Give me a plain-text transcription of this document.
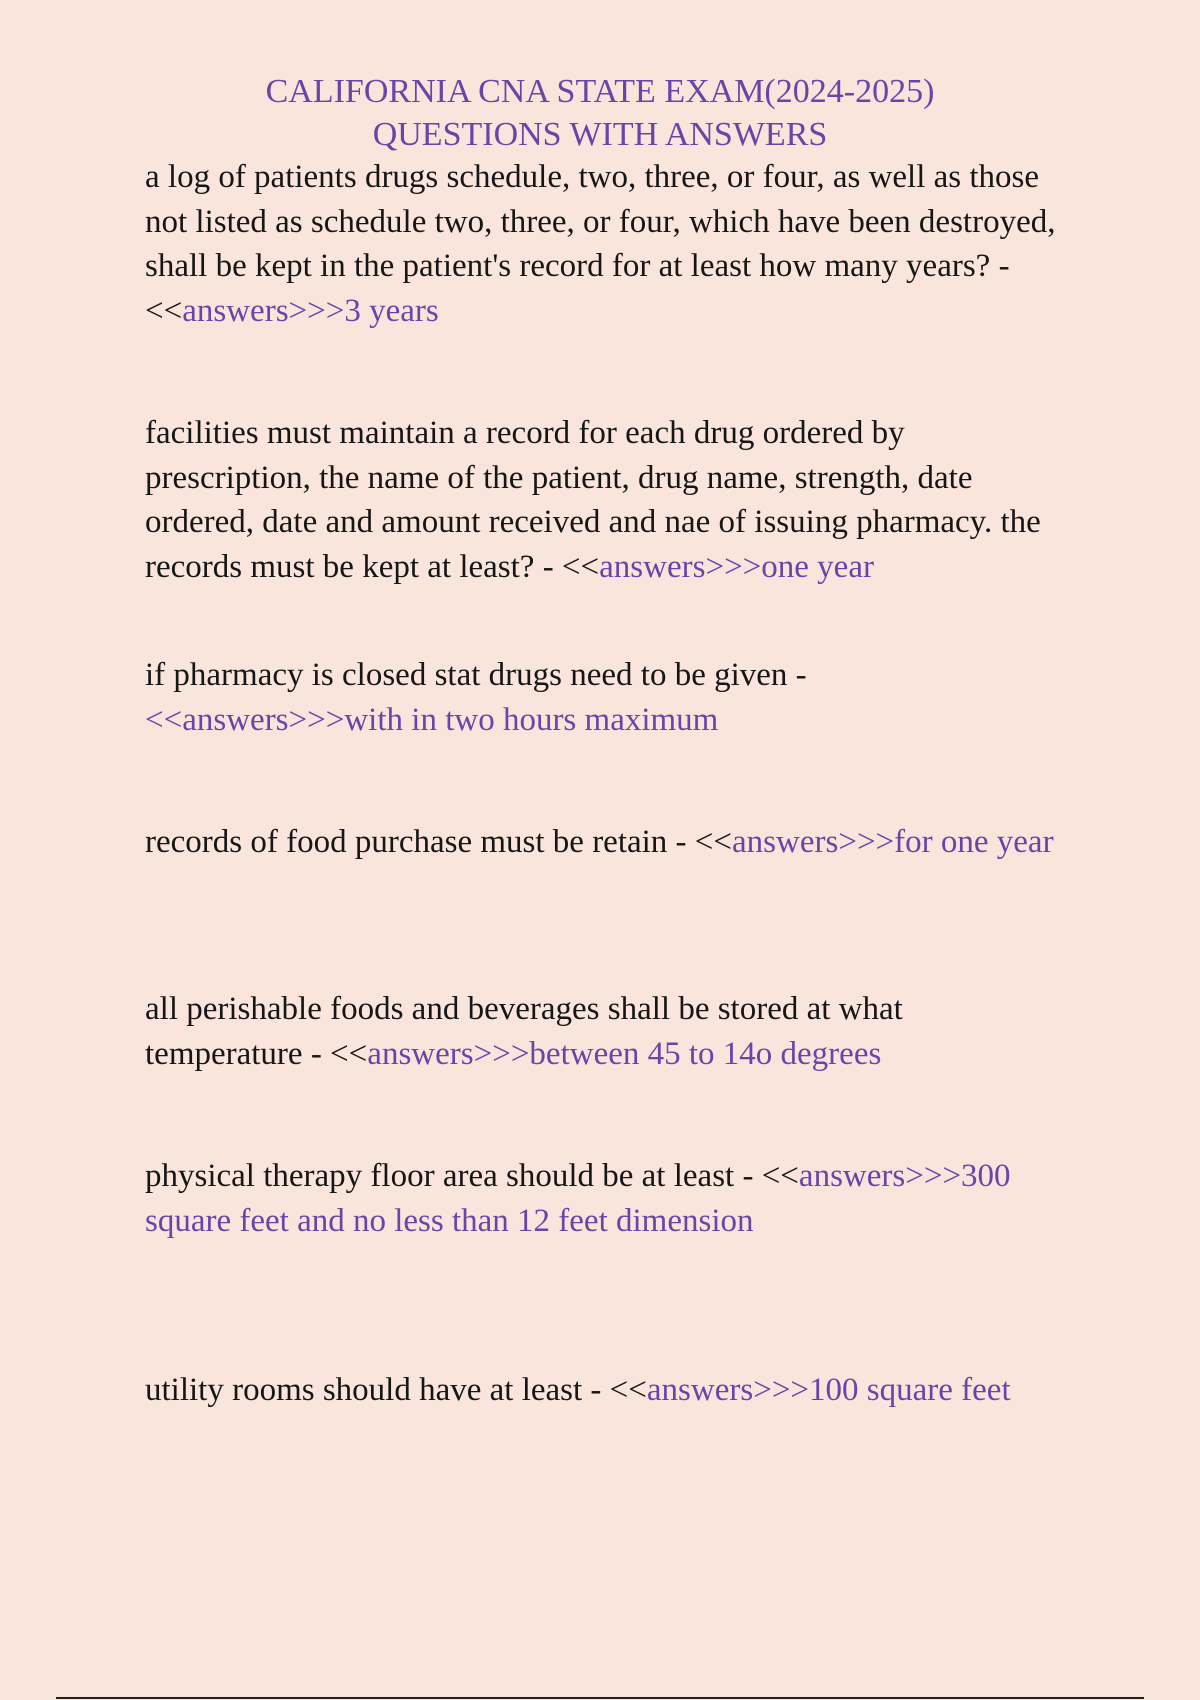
CALIFORNIA CNA STATE EXAM(2024-2025)
QUESTIONS WITH ANSWERS

a log of patients drugs schedule, two, three, or four, as well as those not listed as schedule two, three, or four, which have been destroyed, shall be kept in the patient's record for at least how many years? - <<answers>>>3 years

facilities must maintain a record for each drug ordered by prescription, the name of the patient, drug name, strength, date ordered, date and amount received and nae of issuing pharmacy. the records must be kept at least? - <<answers>>>one year

if pharmacy is closed stat drugs need to be given -
<<answers>>>with in two hours maximum

records of food purchase must be retain - <<answers>>>for one year

all perishable foods and beverages shall be stored at what temperature - <<answers>>>between 45 to 14o degrees

physical therapy floor area should be at least - <<answers>>>300 square feet and no less than 12 feet dimension

utility rooms should have at least - <<answers>>>100 square feet
